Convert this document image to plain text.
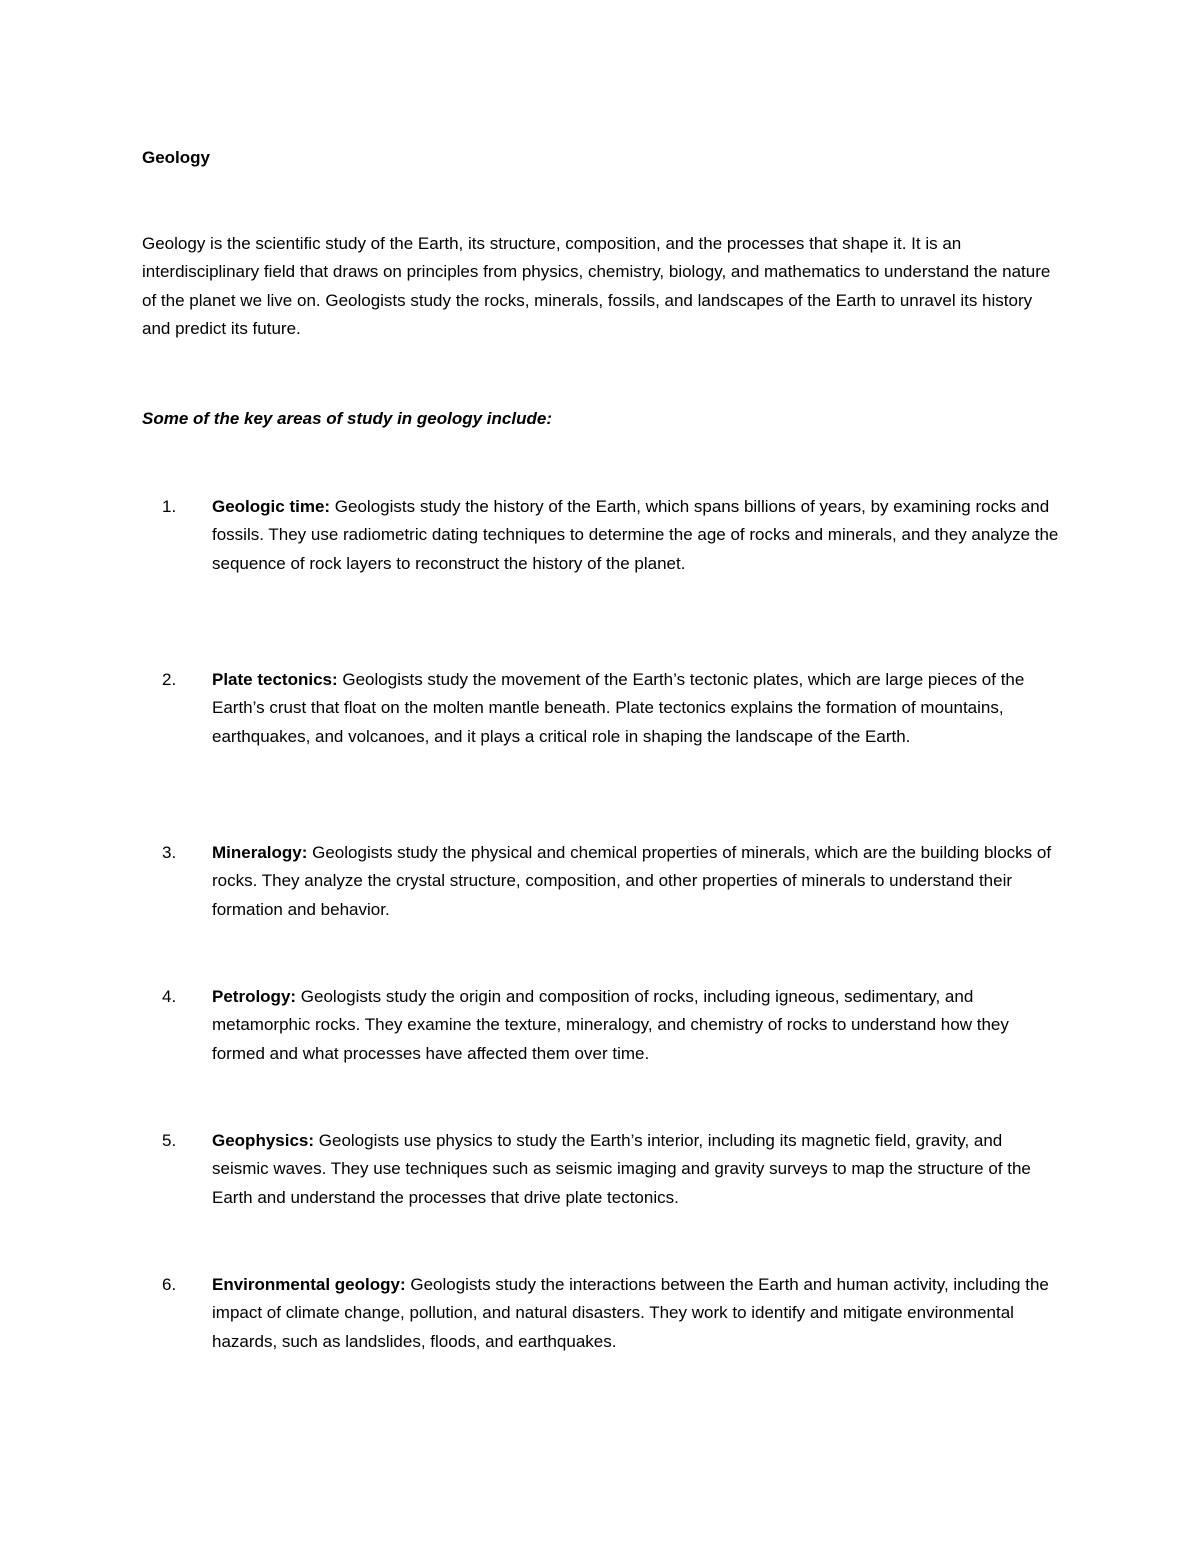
Geology

Geology is the scientific study of the Earth, its structure, composition, and the processes that shape it. It is an interdisciplinary field that draws on principles from physics, chemistry, biology, and mathematics to understand the nature of the planet we live on. Geologists study the rocks, minerals, fossils, and landscapes of the Earth to unravel its history and predict its future.

Some of the key areas of study in geology include:

1.	Geologic time: Geologists study the history of the Earth, which spans billions of years, by examining rocks and fossils. They use radiometric dating techniques to determine the age of rocks and minerals, and they analyze the sequence of rock layers to reconstruct the history of the planet.
2.	Plate tectonics: Geologists study the movement of the Earth’s tectonic plates, which are large pieces of the Earth’s crust that float on the molten mantle beneath. Plate tectonics explains the formation of mountains, earthquakes, and volcanoes, and it plays a critical role in shaping the landscape of the Earth.
3.	Mineralogy: Geologists study the physical and chemical properties of minerals, which are the building blocks of rocks. They analyze the crystal structure, composition, and other properties of minerals to understand their formation and behavior.
4.	Petrology: Geologists study the origin and composition of rocks, including igneous, sedimentary, and metamorphic rocks. They examine the texture, mineralogy, and chemistry of rocks to understand how they formed and what processes have affected them over time.
5.	Geophysics: Geologists use physics to study the Earth’s interior, including its magnetic field, gravity, and seismic waves. They use techniques such as seismic imaging and gravity surveys to map the structure of the Earth and understand the processes that drive plate tectonics.
6.	Environmental geology: Geologists study the interactions between the Earth and human activity, including the impact of climate change, pollution, and natural disasters. They work to identify and mitigate environmental hazards, such as landslides, floods, and earthquakes.
